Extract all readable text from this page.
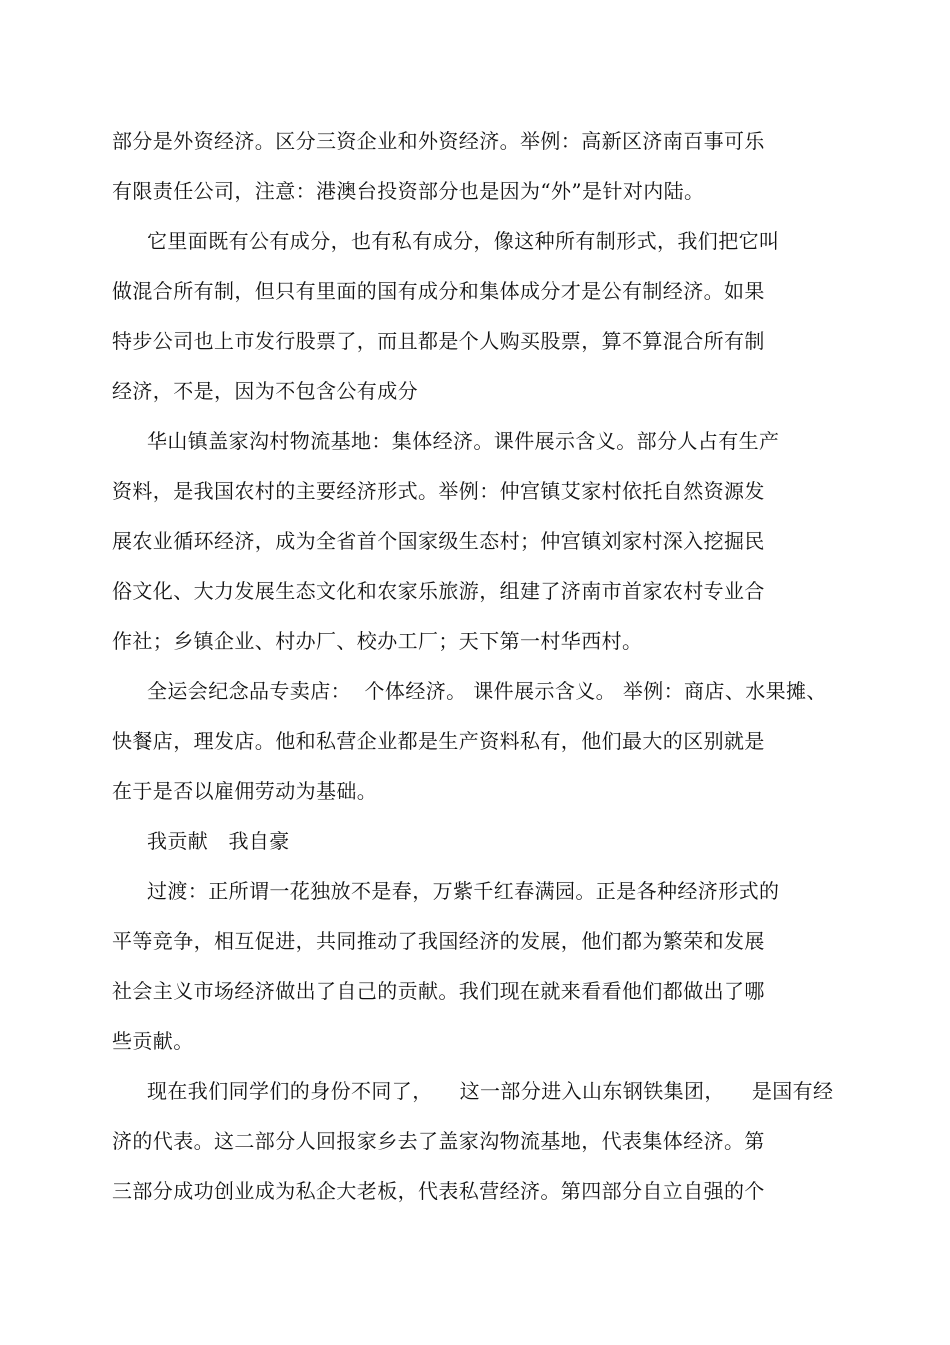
部分是外资经济。区分三资企业和外资经济。举例：高新区济南百事可乐
有限责任公司，注意：港澳台投资部分也是因为“外”是针对内陆。
它里面既有公有成分，也有私有成分，像这种所有制形式，我们把它叫
做混合所有制，但只有里面的国有成分和集体成分才是公有制经济。如果
特步公司也上市发行股票了，而且都是个人购买股票，算不算混合所有制
经济，不是，因为不包含公有成分
华山镇盖家沟村物流基地：集体经济。课件展示含义。部分人占有生产
资料，是我国农村的主要经济形式。举例：仲宫镇艾家村依托自然资源发
展农业循环经济，成为全省首个国家级生态村；仲宫镇刘家村深入挖掘民
俗文化、大力发展生态文化和农家乐旅游，组建了济南市首家农村专业合
作社；乡镇企业、村办厂、校办工厂；天下第一村华西村。
全运会纪念品专卖店：  个体经济。 课件展示含义。 举例：商店、水果摊、
快餐店，理发店。他和私营企业都是生产资料私有，他们最大的区别就是
在于是否以雇佣劳动为基础。
我贡献   我自豪
过渡：正所谓一花独放不是春，万紫千红春满园。正是各种经济形式的
平等竞争，相互促进，共同推动了我国经济的发展，他们都为繁荣和发展
社会主义市场经济做出了自己的贡献。我们现在就来看看他们都做出了哪
些贡献。
现在我们同学们的身份不同了，    这一部分进入山东钢铁集团，    是国有经
济的代表。这二部分人回报家乡去了盖家沟物流基地，代表集体经济。第
三部分成功创业成为私企大老板，代表私营经济。第四部分自立自强的个
